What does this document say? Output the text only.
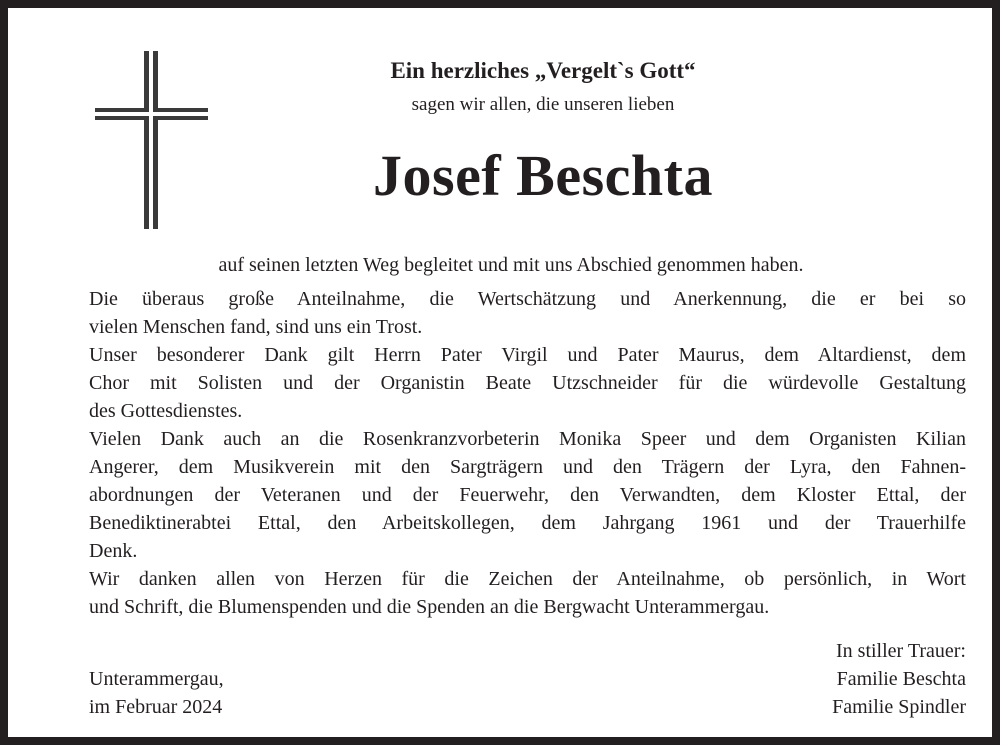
Ein herzliches „Vergelt`s Gott“
sagen wir allen, die unseren lieben
Josef Beschta
auf seinen letzten Weg begleitet und mit uns Abschied genommen haben.
Die überaus große Anteilnahme, die Wertschätzung und Anerkennung, die er bei so
vielen Menschen fand, sind uns ein Trost.
Unser besonderer Dank gilt Herrn Pater Virgil und Pater Maurus, dem Altardienst, dem
Chor mit Solisten und der Organistin Beate Utzschneider für die würdevolle Gestaltung
des Gottesdienstes.
Vielen Dank auch an die Rosenkranzvorbeterin Monika Speer und dem Organisten Kilian
Angerer, dem Musikverein mit den Sargträgern und den Trägern der Lyra, den Fahnen-
abordnungen der Veteranen und der Feuerwehr, den Verwandten, dem Kloster Ettal, der
Benediktinerabtei Ettal, den Arbeitskollegen, dem Jahrgang 1961 und der Trauerhilfe
Denk.
Wir danken allen von Herzen für die Zeichen der Anteilnahme, ob persönlich, in Wort
und Schrift, die Blumenspenden und die Spenden an die Bergwacht Unterammergau.
Unterammergau,
im Februar 2024
In stiller Trauer:
Familie Beschta
Familie Spindler
